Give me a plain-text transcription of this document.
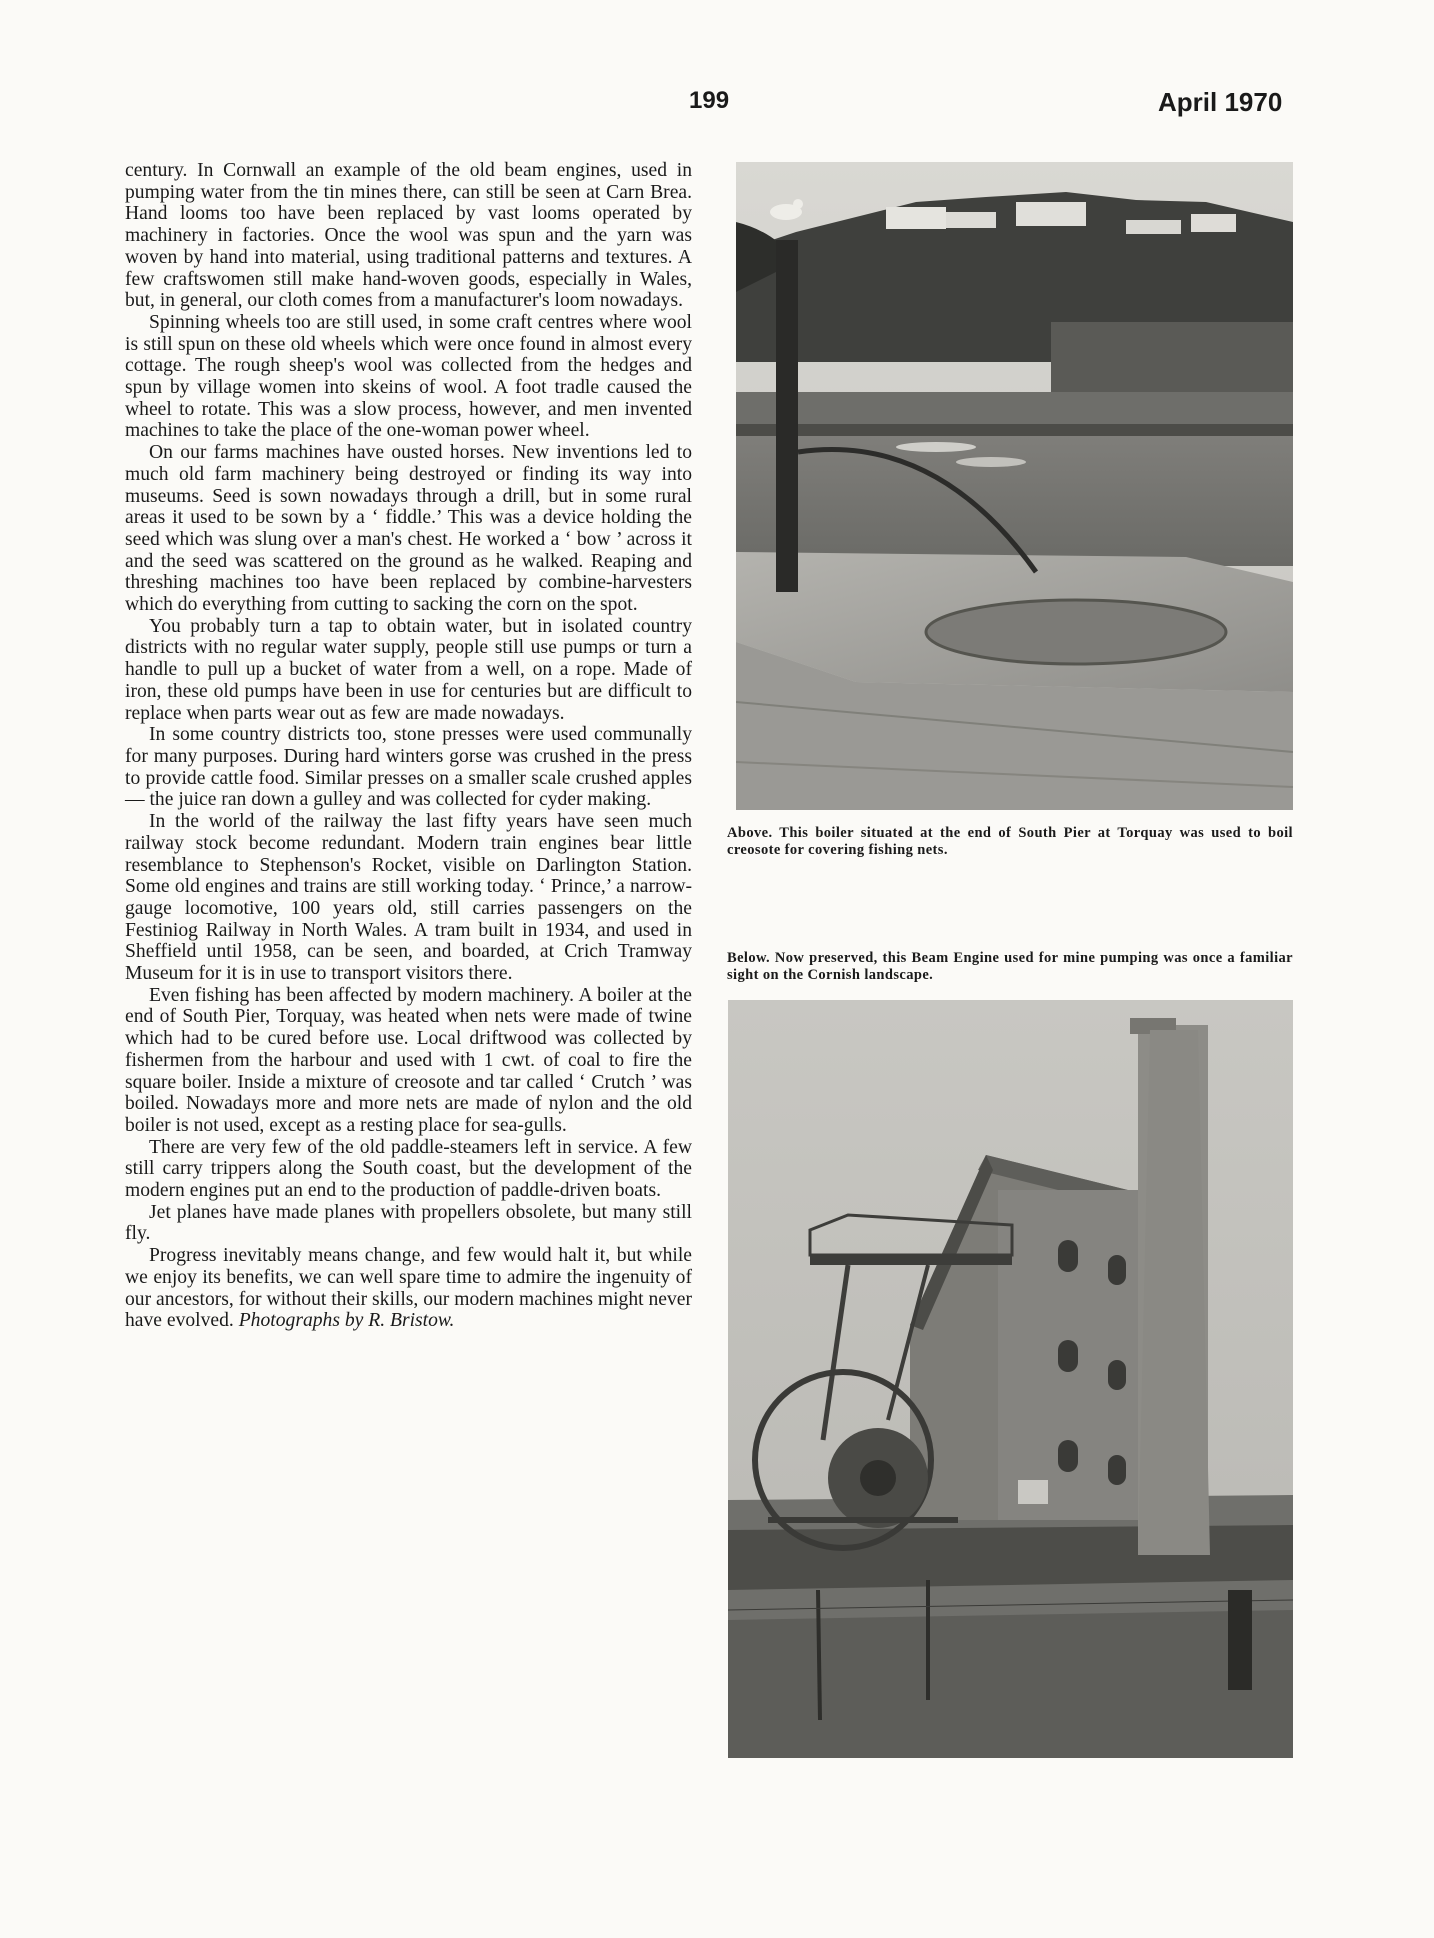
199	April 1970

century. In Cornwall an example of the old beam engines, used in pumping water from the tin mines there, can still be seen at Carn Brea. Hand looms too have been replaced by vast looms operated by machinery in factories. Once the wool was spun and the yarn was woven by hand into material, using traditional patterns and textures. A few craftswomen still make hand-woven goods, especially in Wales, but, in general, our cloth comes from a manufacturer's loom nowadays.

Spinning wheels too are still used, in some craft centres where wool is still spun on these old wheels which were once found in almost every cottage. The rough sheep's wool was collected from the hedges and spun by village women into skeins of wool. A foot tradle caused the wheel to rotate. This was a slow process, however, and men invented machines to take the place of the one-woman power wheel.

On our farms machines have ousted horses. New inventions led to much old farm machinery being destroyed or finding its way into museums. Seed is sown nowadays through a drill, but in some rural areas it used to be sown by a ‘ fiddle.’ This was a device holding the seed which was slung over a man's chest. He worked a ‘ bow ’ across it and the seed was scattered on the ground as he walked. Reaping and threshing machines too have been replaced by combine-harvesters which do everything from cutting to sacking the corn on the spot.

You probably turn a tap to obtain water, but in isolated country districts with no regular water supply, people still use pumps or turn a handle to pull up a bucket of water from a well, on a rope. Made of iron, these old pumps have been in use for centuries but are difficult to replace when parts wear out as few are made nowadays.

In some country districts too, stone presses were used communally for many purposes. During hard winters gorse was crushed in the press to provide cattle food. Similar presses on a smaller scale crushed apples— the juice ran down a gulley and was collected for cyder making.

In the world of the railway the last fifty years have seen much railway stock become redundant. Modern train engines bear little resemblance to Stephenson's Rocket, visible on Darlington Station. Some old engines and trains are still working today. ‘ Prince,’ a narrow-gauge locomotive, 100 years old, still carries passengers on the Festiniog Railway in North Wales. A tram built in 1934, and used in Sheffield until 1958, can be seen, and boarded, at Crich Tramway Museum for it is in use to transport visitors there.

Even fishing has been affected by modern machinery. A boiler at the end of South Pier, Torquay, was heated when nets were made of twine which had to be cured before use. Local driftwood was collected by fishermen from the harbour and used with 1 cwt. of coal to fire the square boiler. Inside a mixture of creosote and tar called ‘ Crutch ’ was boiled. Nowadays more and more nets are made of nylon and the old boiler is not used, except as a resting place for sea-gulls.

There are very few of the old paddle-steamers left in service. A few still carry trippers along the South coast, but the development of the modern engines put an end to the production of paddle-driven boats.

Jet planes have made planes with propellers obsolete, but many still fly.

Progress inevitably means change, and few would halt it, but while we enjoy its benefits, we can well spare time to admire the ingenuity of our ancestors, for without their skills, our modern machines might never have evolved. Photographs by R. Bristow.

Above. This boiler situated at the end of South Pier at Torquay was used to boil creosote for covering fishing nets.
Below. Now preserved, this Beam Engine used for mine pumping was once a familiar sight on the Cornish landscape.
